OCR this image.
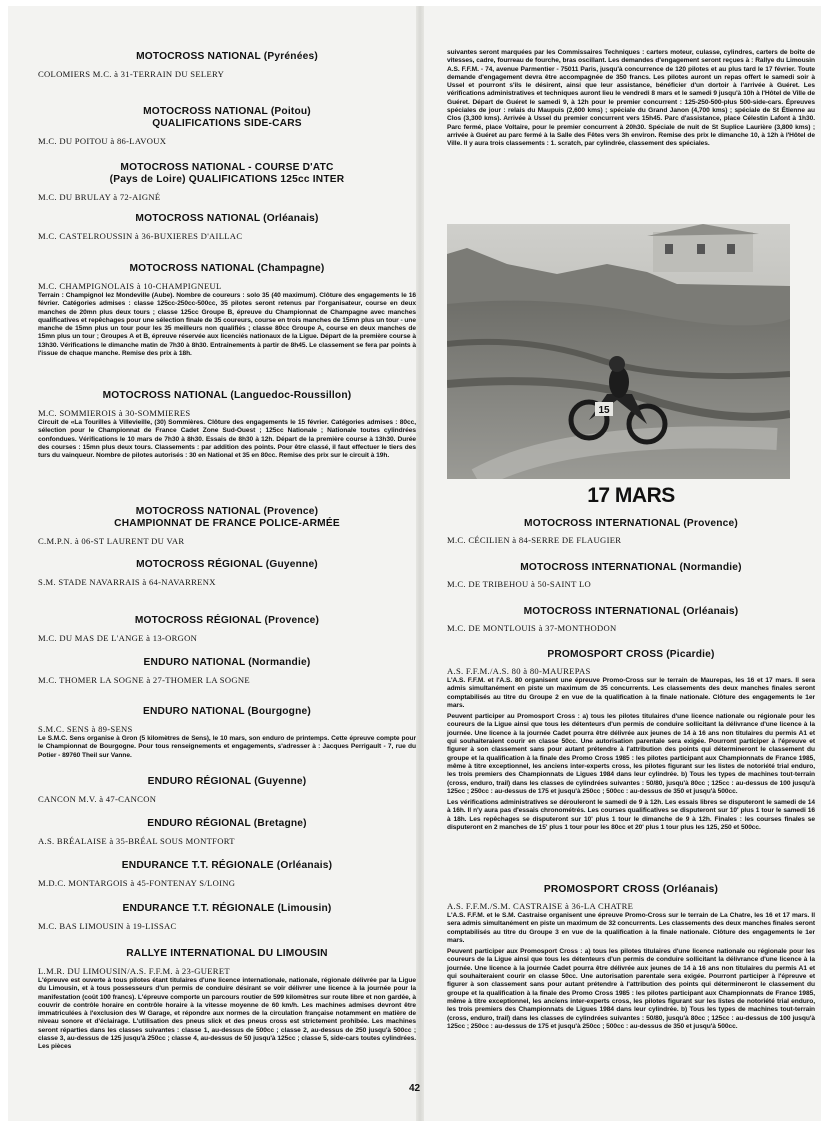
MOTOCROSS NATIONAL (Pyrénées)

COLOMIERS M.C. à 31-TERRAIN DU SELERY

MOTOCROSS NATIONAL (Poitou)

QUALIFICATIONS SIDE-CARS

M.C. DU POITOU à 86-LAVOUX

MOTOCROSS NATIONAL - COURSE D'ATC

(Pays de Loire) QUALIFICATIONS 125cc INTER

M.C. DU BRULAY à 72-AIGNÉ

MOTOCROSS NATIONAL (Orléanais)

M.C. CASTELROUSSIN à 36-BUXIERES D'AILLAC

MOTOCROSS NATIONAL (Champagne)

M.C. CHAMPIGNOLAIS à 10-CHAMPIGNEUL

Terrain : Champignol lez Mondeville (Aube). Nombre de coureurs : solo 35 (40 maximum). Clôture des engagements le 16 février. Catégories admises : classe 125cc-250cc-500cc, 35 pilotes seront retenus par l'organisateur, course en deux manches de 20mn plus deux tours ; classe 125cc Groupe B, épreuve du Championnat de Champagne avec manches qualificatives et repêchages pour une sélection finale de 35 coureurs, course en trois manches de 15mn plus un tour - une manche de 15mn plus un tour pour les 35 meilleurs non qualifiés ; classe 80cc Groupe A, course en deux manches de 15mn plus un tour ; Groupes A et B, épreuve réservée aux licenciés nationaux de la Ligue. Départ de la première course à 13h30. Vérifications le dimanche matin de 7h30 à 8h30. Entraînements à partir de 8h45. Le classement se fera par points à l'issue de chaque manche. Remise des prix à 18h.

MOTOCROSS NATIONAL (Languedoc-Roussillon)

M.C. SOMMIEROIS à 30-SOMMIERES

Circuit de «La Tourilles à Villevieille, (30) Sommières. Clôture des engagements le 15 février. Catégories admises : 80cc, sélection pour le Championnat de France Cadet Zone Sud-Ouest ; 125cc Nationale ; Nationale toutes cylindrées confondues. Vérifications le 10 mars de 7h30 à 8h30. Essais de 8h30 à 12h. Départ de la première course à 13h30. Durée des courses : 15mn plus deux tours. Classements : par addition des points. Pour être classé, il faut effectuer le tiers des turs du vainqueur. Nombre de pilotes autorisés : 30 en National et 35 en 80cc. Remise des prix sur le circuit à 19h.

MOTOCROSS NATIONAL (Provence)

CHAMPIONNAT DE FRANCE POLICE-ARMÉE

C.M.P.N. à 06-ST LAURENT DU VAR

MOTOCROSS RÉGIONAL (Guyenne)

S.M. STADE NAVARRAIS à 64-NAVARRENX

MOTOCROSS RÉGIONAL (Provence)

M.C. DU MAS DE L'ANGE à 13-ORGON

ENDURO NATIONAL (Normandie)

M.C. THOMER LA SOGNE à 27-THOMER LA SOGNE

ENDURO NATIONAL (Bourgogne)

S.M.C. SENS à 89-SENS

Le S.M.C. Sens organise à Gron (5 kilomètres de Sens), le 10 mars, son enduro de printemps. Cette épreuve compte pour le Championnat de Bourgogne. Pour tous renseignements et engagements, s'adresser à : Jacques Perrigault - 7, rue du Potier - 89760 Theil sur Vanne.

ENDURO RÉGIONAL (Guyenne)

CANCON M.V. à 47-CANCON

ENDURO RÉGIONAL (Bretagne)

A.S. BRÉALAISE à 35-BRÉAL SOUS MONTFORT

ENDURANCE T.T. RÉGIONALE (Orléanais)

M.D.C. MONTARGOIS à 45-FONTENAY S/LOING

ENDURANCE T.T. RÉGIONALE (Limousin)

M.C. BAS LIMOUSIN à 19-LISSAC

RALLYE INTERNATIONAL DU LIMOUSIN

L.M.R. DU LIMOUSIN/A.S. F.F.M. à 23-GUERET

L'épreuve est ouverte à tous pilotes étant titulaires d'une licence internationale, nationale, régionale délivrée par la Ligue du Limousin, et à tous possesseurs d'un permis de conduire désirant se voir délivrer une licence à la journée pour la manifestation (coût 100 francs). L'épreuve comporte un parcours routier de 599 kilomètres sur route libre et non gardée, à couvrir de contrôle horaire en contrôle horaire à la vitesse moyenne de 60 km/h. Les machines admises devront être immatriculées à l'exclusion des W Garage, et répondre aux normes de la circulation française notamment en matière de niveau sonore et d'éclairage. L'utilisation des pneus slick et des pneus cross est strictement prohibée. Les machines seront réparties dans les classes suivantes : classe 1, au-dessus de 500cc ; classe 2, au-dessus de 250 jusqu'à 500cc ; classe 3, au-dessus de 125 jusqu'à 250cc ; classe 4, au-dessus de 50 jusqu'à 125cc ; classe 5, side-cars toutes cylindrées. Les pièces

suivantes seront marquées par les Commissaires Techniques : carters moteur, culasse, cylindres, carters de boîte de vitesses, cadre, fourreau de fourche, bras oscillant. Les demandes d'engagement seront reçues à : Rallye du Limousin A.S. F.F.M. - 74, avenue Parmentier - 75011 Paris, jusqu'à concurrence de 120 pilotes et au plus tard le 17 février. Toute demande d'engagement devra être accompagnée de 350 francs. Les pilotes auront un repas offert le samedi soir à Ussel et pourront s'ils le désirent, ainsi que leur assistance, bénéficier d'un dortoir à l'arrivée à Guéret. Les vérifications administratives et techniques auront lieu le vendredi 8 mars et le samedi 9 jusqu'à 10h à l'Hôtel de Ville de Guéret. Départ de Guéret le samedi 9, à 12h pour le premier concurrent : 125-250-500-plus 500-side-cars. Épreuves spéciales de jour : relais du Maupuis (2,600 kms) ; spéciale du Grand Janon (4,700 kms) ; spéciale de St Étienne au Clos (3,300 kms). Arrivée à Ussel du premier concurrent vers 15h45. Parc d'assistance, place Célestin Lafont à 1h30. Parc fermé, place Voltaire, pour le premier concurrent à 20h30. Spéciale de nuit de St Suplice Laurière (3,800 kms) ; arrivée à Guéret au parc fermé à la Salle des Fêtes vers 3h environ. Remise des prix le dimanche 10, à 12h à l'Hôtel de Ville. Il y aura trois classements : 1. scratch, par cylindrée, classement des spéciales.

15

17 MARS

MOTOCROSS INTERNATIONAL (Provence)

M.C. CÉCILIEN à 84-SERRE DE FLAUGIER

MOTOCROSS INTERNATIONAL (Normandie)

M.C. DE TRIBEHOU à 50-SAINT LO

MOTOCROSS INTERNATIONAL (Orléanais)

M.C. DE MONTLOUIS à 37-MONTHODON

PROMOSPORT CROSS (Picardie)

A.S. F.F.M./A.S. 80 à 80-MAUREPAS

L'A.S. F.F.M. et l'A.S. 80 organisent une épreuve Promo-Cross sur le terrain de Maurepas, les 16 et 17 mars. Il sera admis simultanément en piste un maximum de 35 concurrents. Les classements des deux manches finales seront comptabilisés au titre du Groupe 2 en vue de la qualification à la finale nationale. Clôture des engagements le 1er mars.

Peuvent participer au Promosport Cross : a) tous les pilotes titulaires d'une licence nationale ou régionale pour les coureurs de la Ligue ainsi que tous les détenteurs d'un permis de conduire sollicitant la délivrance d'une licence à la journée. Une licence à la journée Cadet pourra être délivrée aux jeunes de 14 à 16 ans non titulaires du permis A1 et qui souhaiteraient courir en classe 50cc. Une autorisation parentale sera exigée. Pourront participer à l'épreuve et figurer à son classement sans pour autant prétendre à l'attribution des points qui détermineront le classement du groupe et la qualification à la finale des Promo Cross 1985 : les pilotes participant aux Championnats de France 1985, même à titre exceptionnel, les anciens inter-experts cross, les pilotes figurant sur les listes de notoriété trial enduro, les trois premiers des Championnats de Ligues 1984 dans leur cylindrée. b) Tous les types de machines tout-terrain (cross, enduro, trail) dans les classes de cylindrées suivantes : 50/80, jusqu'à 80cc ; 125cc : au-dessus de 100 jusqu'à 125cc ; 250cc : au-dessus de 175 et jusqu'à 250cc ; 500cc : au-dessus de 350 et jusqu'à 500cc.

Les vérifications administratives se dérouleront le samedi de 9 à 12h. Les essais libres se disputeront le samedi de 14 à 16h. Il n'y aura pas d'essais chronométrés. Les courses qualificatives se disputeront sur 10' plus 1 tour le samedi 16 à 18h. Les repêchages se disputeront sur 10' plus 1 tour le dimanche de 9 à 12h. Finales : les courses finales se disputeront en 2 manches de 15' plus 1 tour pour les 80cc et 20' plus 1 tour plus les 125, 250 et 500cc.

PROMOSPORT CROSS (Orléanais)

A.S. F.F.M./S.M. CASTRAISE à 36-LA CHATRE

L'A.S. F.F.M. et le S.M. Castraise organisent une épreuve Promo-Cross sur le terrain de La Chatre, les 16 et 17 mars. Il sera admis simultanément en piste un maximum de 32 concurrents. Les classements des deux manches finales seront comptabilisés au titre du Groupe 3 en vue de la qualification à la finale nationale. Clôture des engagements le 1er mars.

Peuvent participer aux Promosport Cross : a) tous les pilotes titulaires d'une licence nationale ou régionale pour les coureurs de la Ligue ainsi que tous les détenteurs d'un permis de conduire sollicitant la délivrance d'une licence à la journée. Une licence à la journée Cadet pourra être délivrée aux jeunes de 14 à 16 ans non titulaires du permis A1 et qui souhaiteraient courir en classe 50cc. Une autorisation parentale sera exigée. Pourront participer à l'épreuve et figurer à son classement sans pour autant prétendre à l'attribution des points qui détermineront le classement du groupe et la qualification à la finale des Promo Cross 1985 : les pilotes participant aux Championnats de France 1985, même à titre exceptionnel, les anciens inter-experts cross, les pilotes figurant sur les listes de notoriété trial enduro, les trois premiers des Championnats de Ligues 1984 dans leur cylindrée. b) Tous les types de machines tout-terrain (cross, enduro, trail) dans les classes de cylindrées suivantes : 50/80, jusqu'à 80cc ; 125cc : au-dessus de 100 jusqu'à 125cc ; 250cc : au-dessus de 175 et jusqu'à 250cc ; 500cc : au-dessus de 350 et jusqu'à 500cc.

42
